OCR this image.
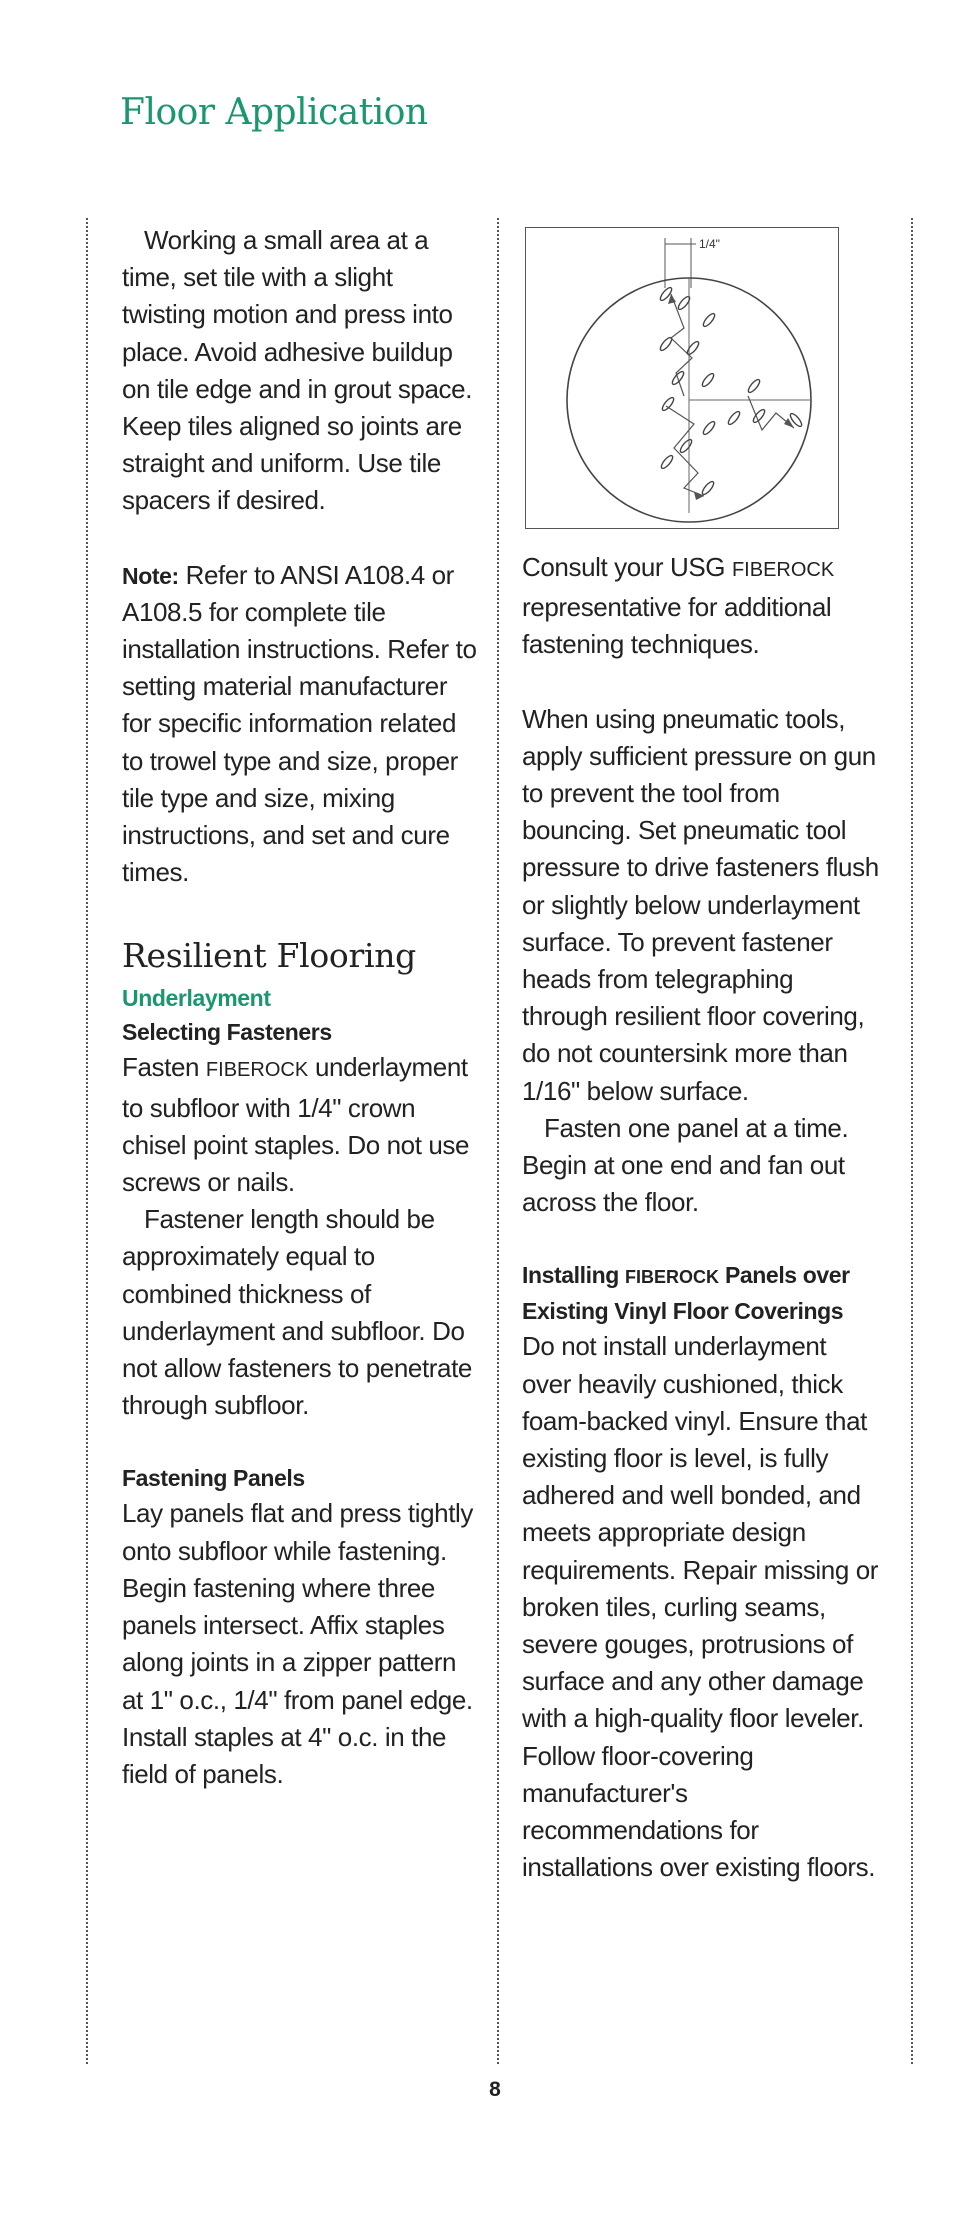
Floor Application

Working a small area at a time, set tile with a slight twisting motion and press into place. Avoid adhesive buildup on tile edge and in grout space. Keep tiles aligned so joints are straight and uniform. Use tile spacers if desired.

Note: Refer to ANSI A108.4 or A108.5 for complete tile installation instructions. Refer to setting material manufacturer for specific information related to trowel type and size, proper tile type and size, mixing instructions, and set and cure times.

Resilient Flooring
Underlayment
Selecting Fasteners

Fasten FIBEROCK underlayment to subfloor with 1/4" crown chisel point staples. Do not use screws or nails.

Fastener length should be approximately equal to combined thickness of underlayment and subfloor. Do not allow fasteners to penetrate through subfloor.

Fastening Panels

Lay panels flat and press tightly onto subfloor while fastening. Begin fastening where three panels intersect. Affix staples along joints in a zipper pattern at 1" o.c., 1/4" from panel edge. Install staples at 4" o.c. in the field of panels.

1/4"

Consult your USG FIBEROCK representative for additional fastening techniques.

When using pneumatic tools, apply sufficient pressure on gun to prevent the tool from bouncing. Set pneumatic tool pressure to drive fasteners flush or slightly below underlayment surface. To prevent fastener heads from telegraphing through resilient floor covering, do not countersink more than 1/16" below surface.

Fasten one panel at a time. Begin at one end and fan out across the floor.

Installing FIBEROCK Panels over Existing Vinyl Floor Coverings

Do not install underlayment over heavily cushioned, thick foam-backed vinyl. Ensure that existing floor is level, is fully adhered and well bonded, and meets appropriate design requirements. Repair missing or broken tiles, curling seams, severe gouges, protrusions of surface and any other damage with a high-quality floor leveler. Follow floor-covering manufacturer's recommendations for installations over existing floors.

8
